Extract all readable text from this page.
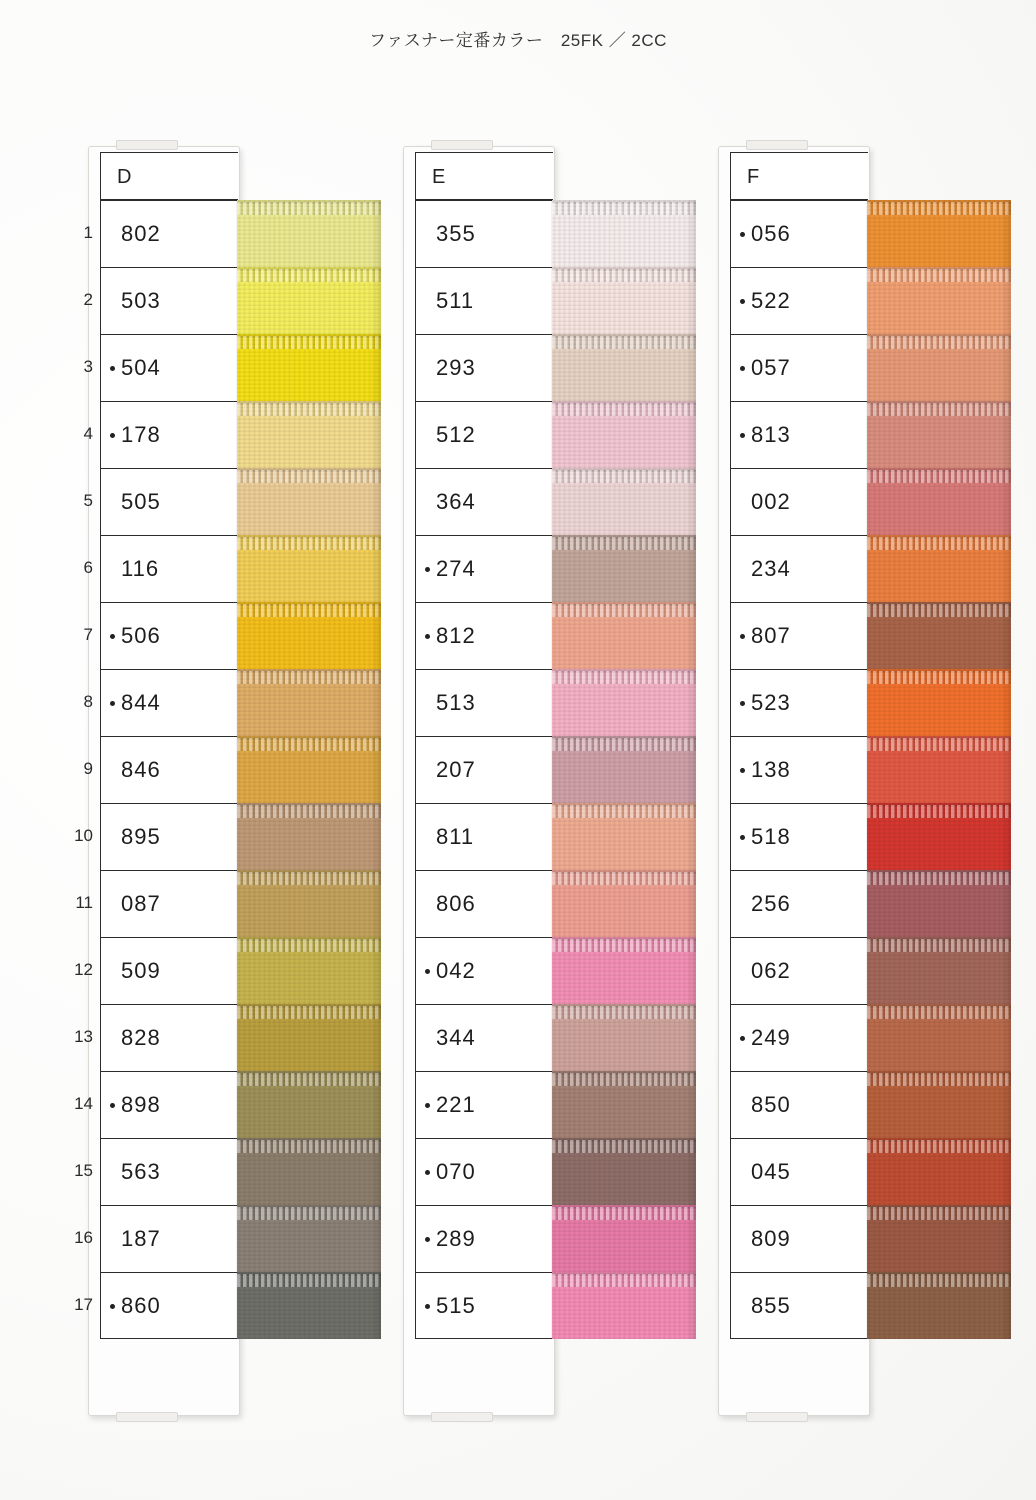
ファスナー定番カラー　25FK ／ 2CC
D
1 802
2 503
3 504
4 178
5 505
6 116
7 506
8 844
9 846
10 895
11 087
12 509
13 828
14 898
15 563
16 187
17 860
E
355
511
293
512
364
274
812
513
207
811
806
042
344
221
070
289
515
F
056
522
057
813
002
234
807
523
138
518
256
062
249
850
045
809
855
